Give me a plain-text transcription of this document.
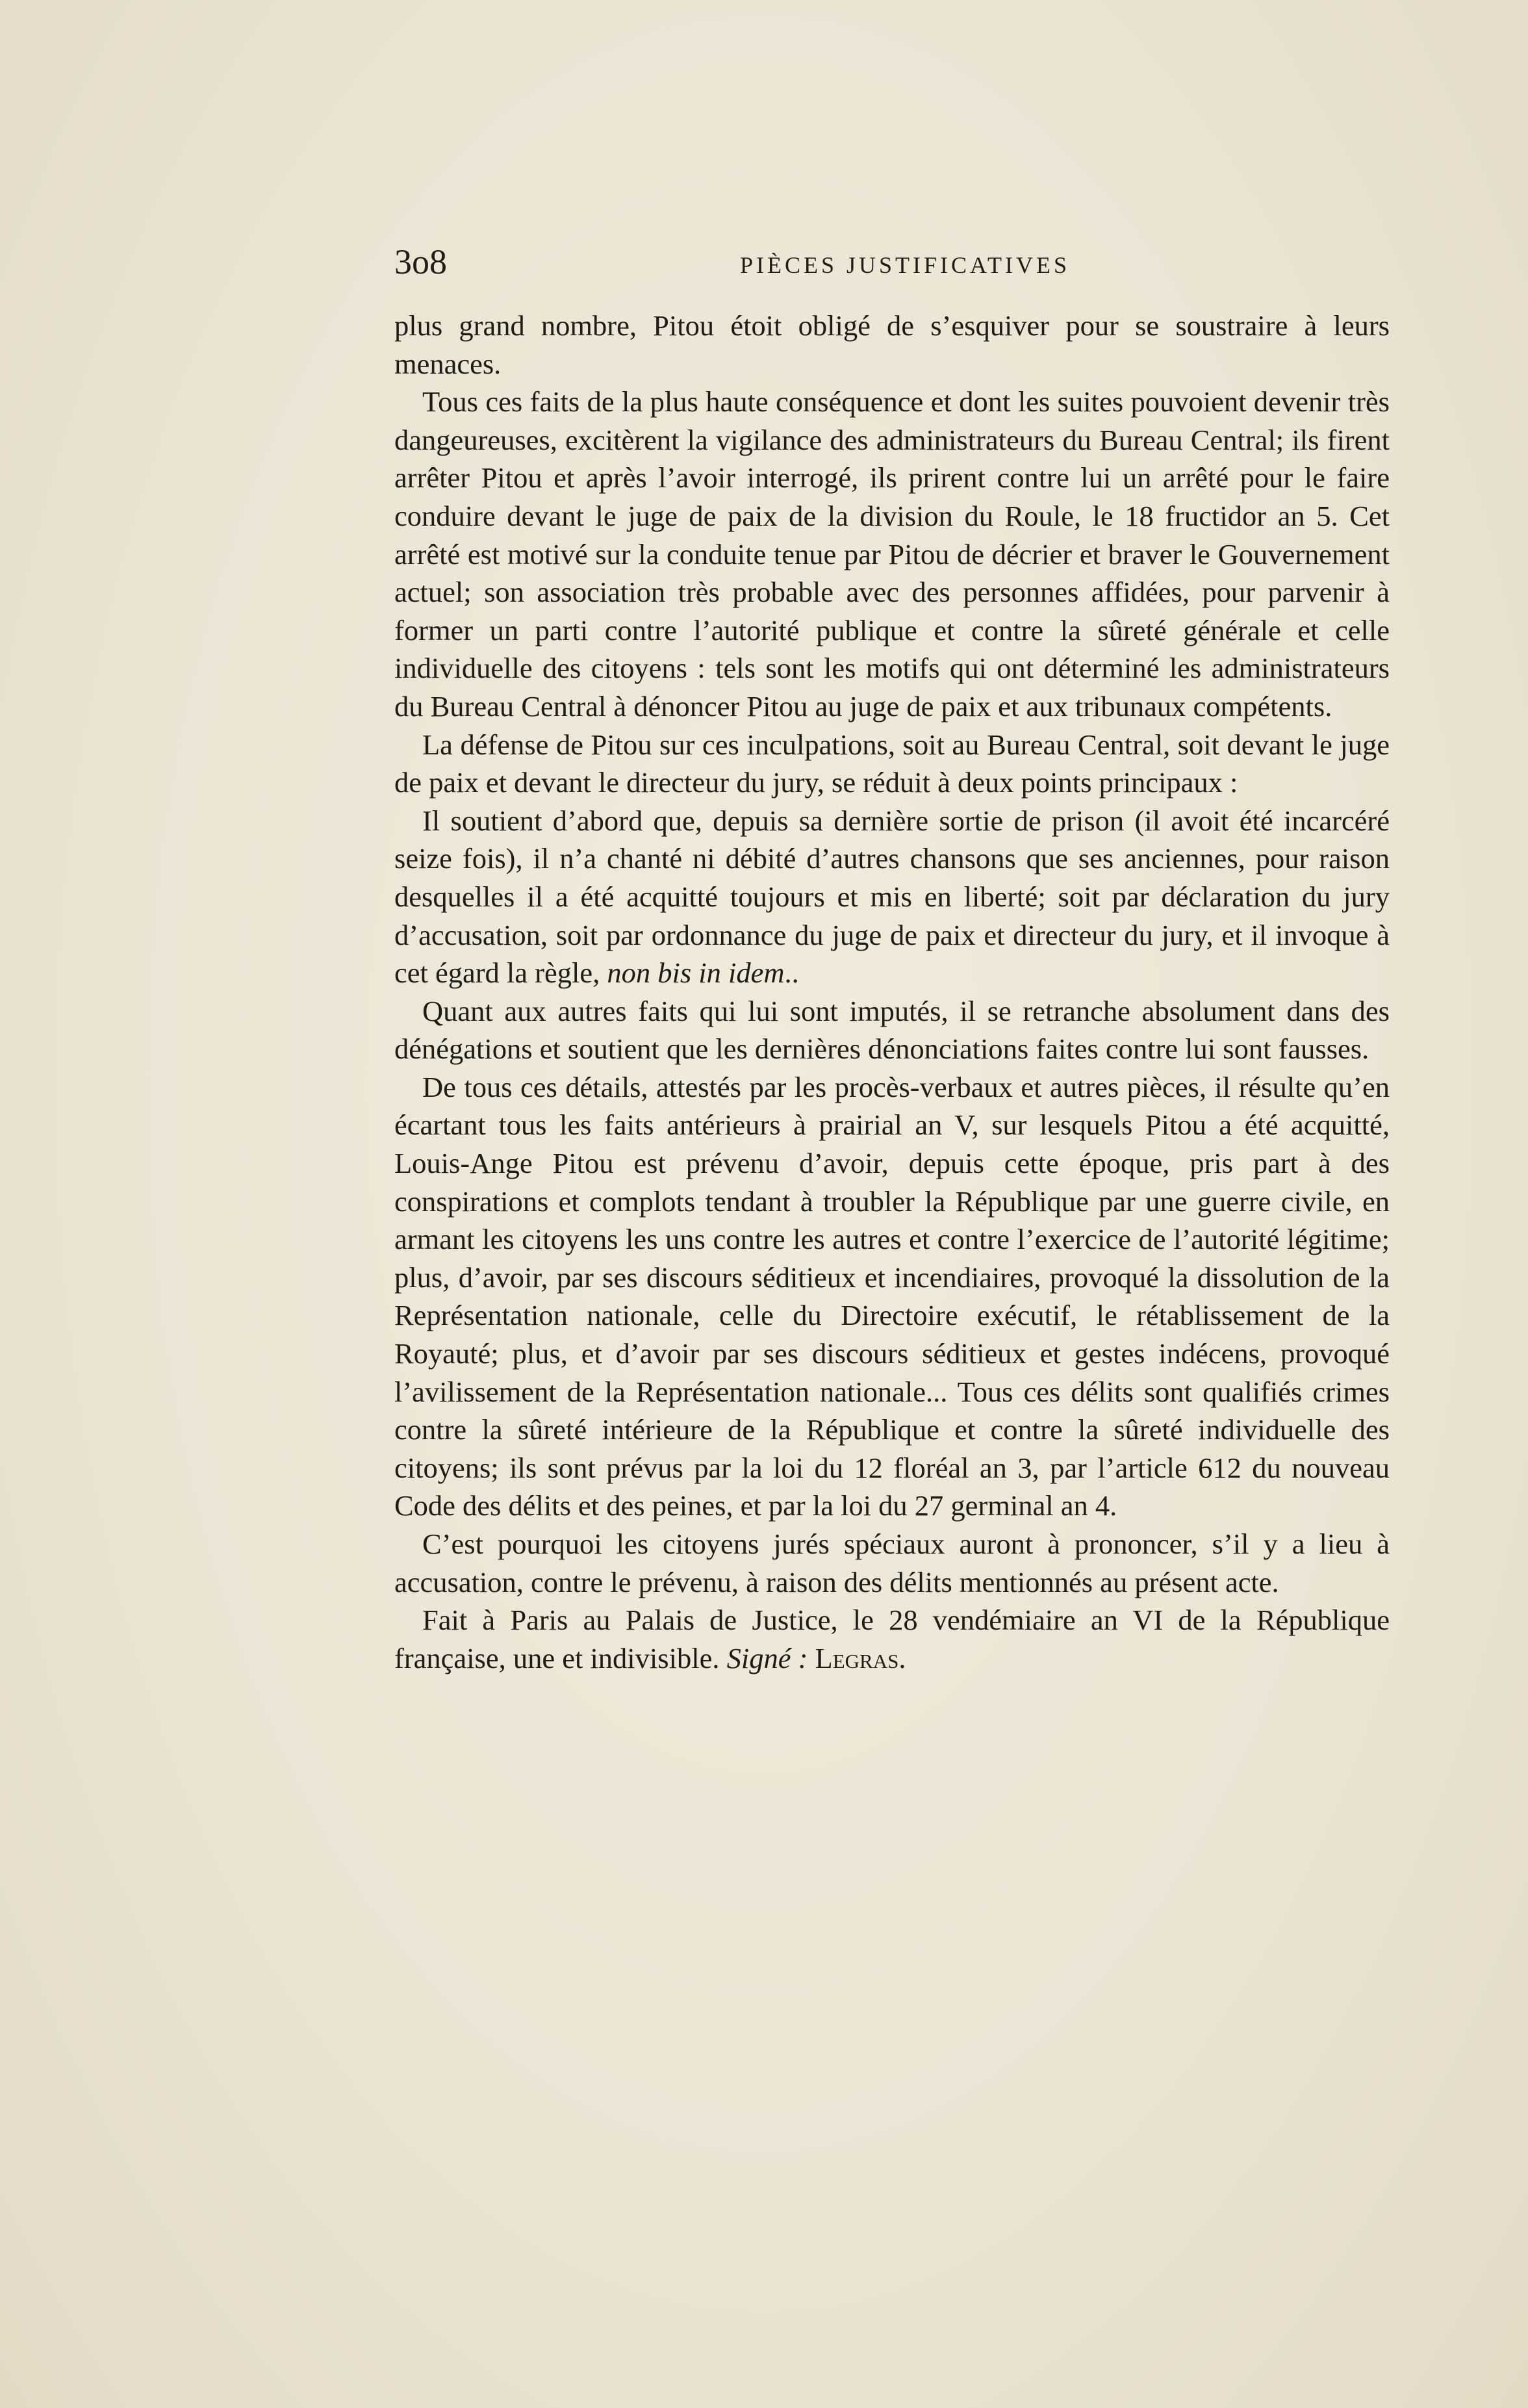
3o8	PIÈCES JUSTIFICATIVES

plus grand nombre, Pitou étoit obligé de s’esquiver pour se soustraire à leurs menaces.

Tous ces faits de la plus haute conséquence et dont les suites pouvoient devenir très dangeureuses, excitèrent la vigilance des administrateurs du Bureau Central; ils firent arrêter Pitou et après l’avoir interrogé, ils prirent contre lui un arrêté pour le faire conduire devant le juge de paix de la division du Roule, le 18 fructidor an 5. Cet arrêté est motivé sur la conduite tenue par Pitou de décrier et braver le Gouvernement actuel; son association très probable avec des personnes affidées, pour parvenir à former un parti contre l’autorité publique et contre la sûreté générale et celle individuelle des citoyens : tels sont les motifs qui ont déterminé les administrateurs du Bureau Central à dénoncer Pitou au juge de paix et aux tribunaux compétents.

La défense de Pitou sur ces inculpations, soit au Bureau Central, soit devant le juge de paix et devant le directeur du jury, se réduit à deux points principaux :

Il soutient d’abord que, depuis sa dernière sortie de prison (il avoit été incarcéré seize fois), il n’a chanté ni débité d’autres chansons que ses anciennes, pour raison desquelles il a été acquitté toujours et mis en liberté; soit par déclaration du jury d’accusation, soit par ordonnance du juge de paix et directeur du jury, et il invoque à cet égard la règle, non bis in idem..

Quant aux autres faits qui lui sont imputés, il se retranche absolument dans des dénégations et soutient que les dernières dénonciations faites contre lui sont fausses.

De tous ces détails, attestés par les procès-verbaux et autres pièces, il résulte qu’en écartant tous les faits antérieurs à prairial an V, sur lesquels Pitou a été acquitté, Louis-Ange Pitou est prévenu d’avoir, depuis cette époque, pris part à des conspirations et complots tendant à troubler la République par une guerre civile, en armant les citoyens les uns contre les autres et contre l’exercice de l’autorité légitime; plus, d’avoir, par ses discours séditieux et incendiaires, provoqué la dissolution de la Représentation nationale, celle du Directoire exécutif, le rétablissement de la Royauté; plus, et d’avoir par ses discours séditieux et gestes indécens, provoqué l’avilissement de la Représentation nationale... Tous ces délits sont qualifiés crimes contre la sûreté intérieure de la République et contre la sûreté individuelle des citoyens; ils sont prévus par la loi du 12 floréal an 3, par l’article 612 du nouveau Code des délits et des peines, et par la loi du 27 germinal an 4.

C’est pourquoi les citoyens jurés spéciaux auront à prononcer, s’il y a lieu à accusation, contre le prévenu, à raison des délits mentionnés au présent acte.

Fait à Paris au Palais de Justice, le 28 vendémiaire an VI de la République française, une et indivisible. Signé : Legras.
